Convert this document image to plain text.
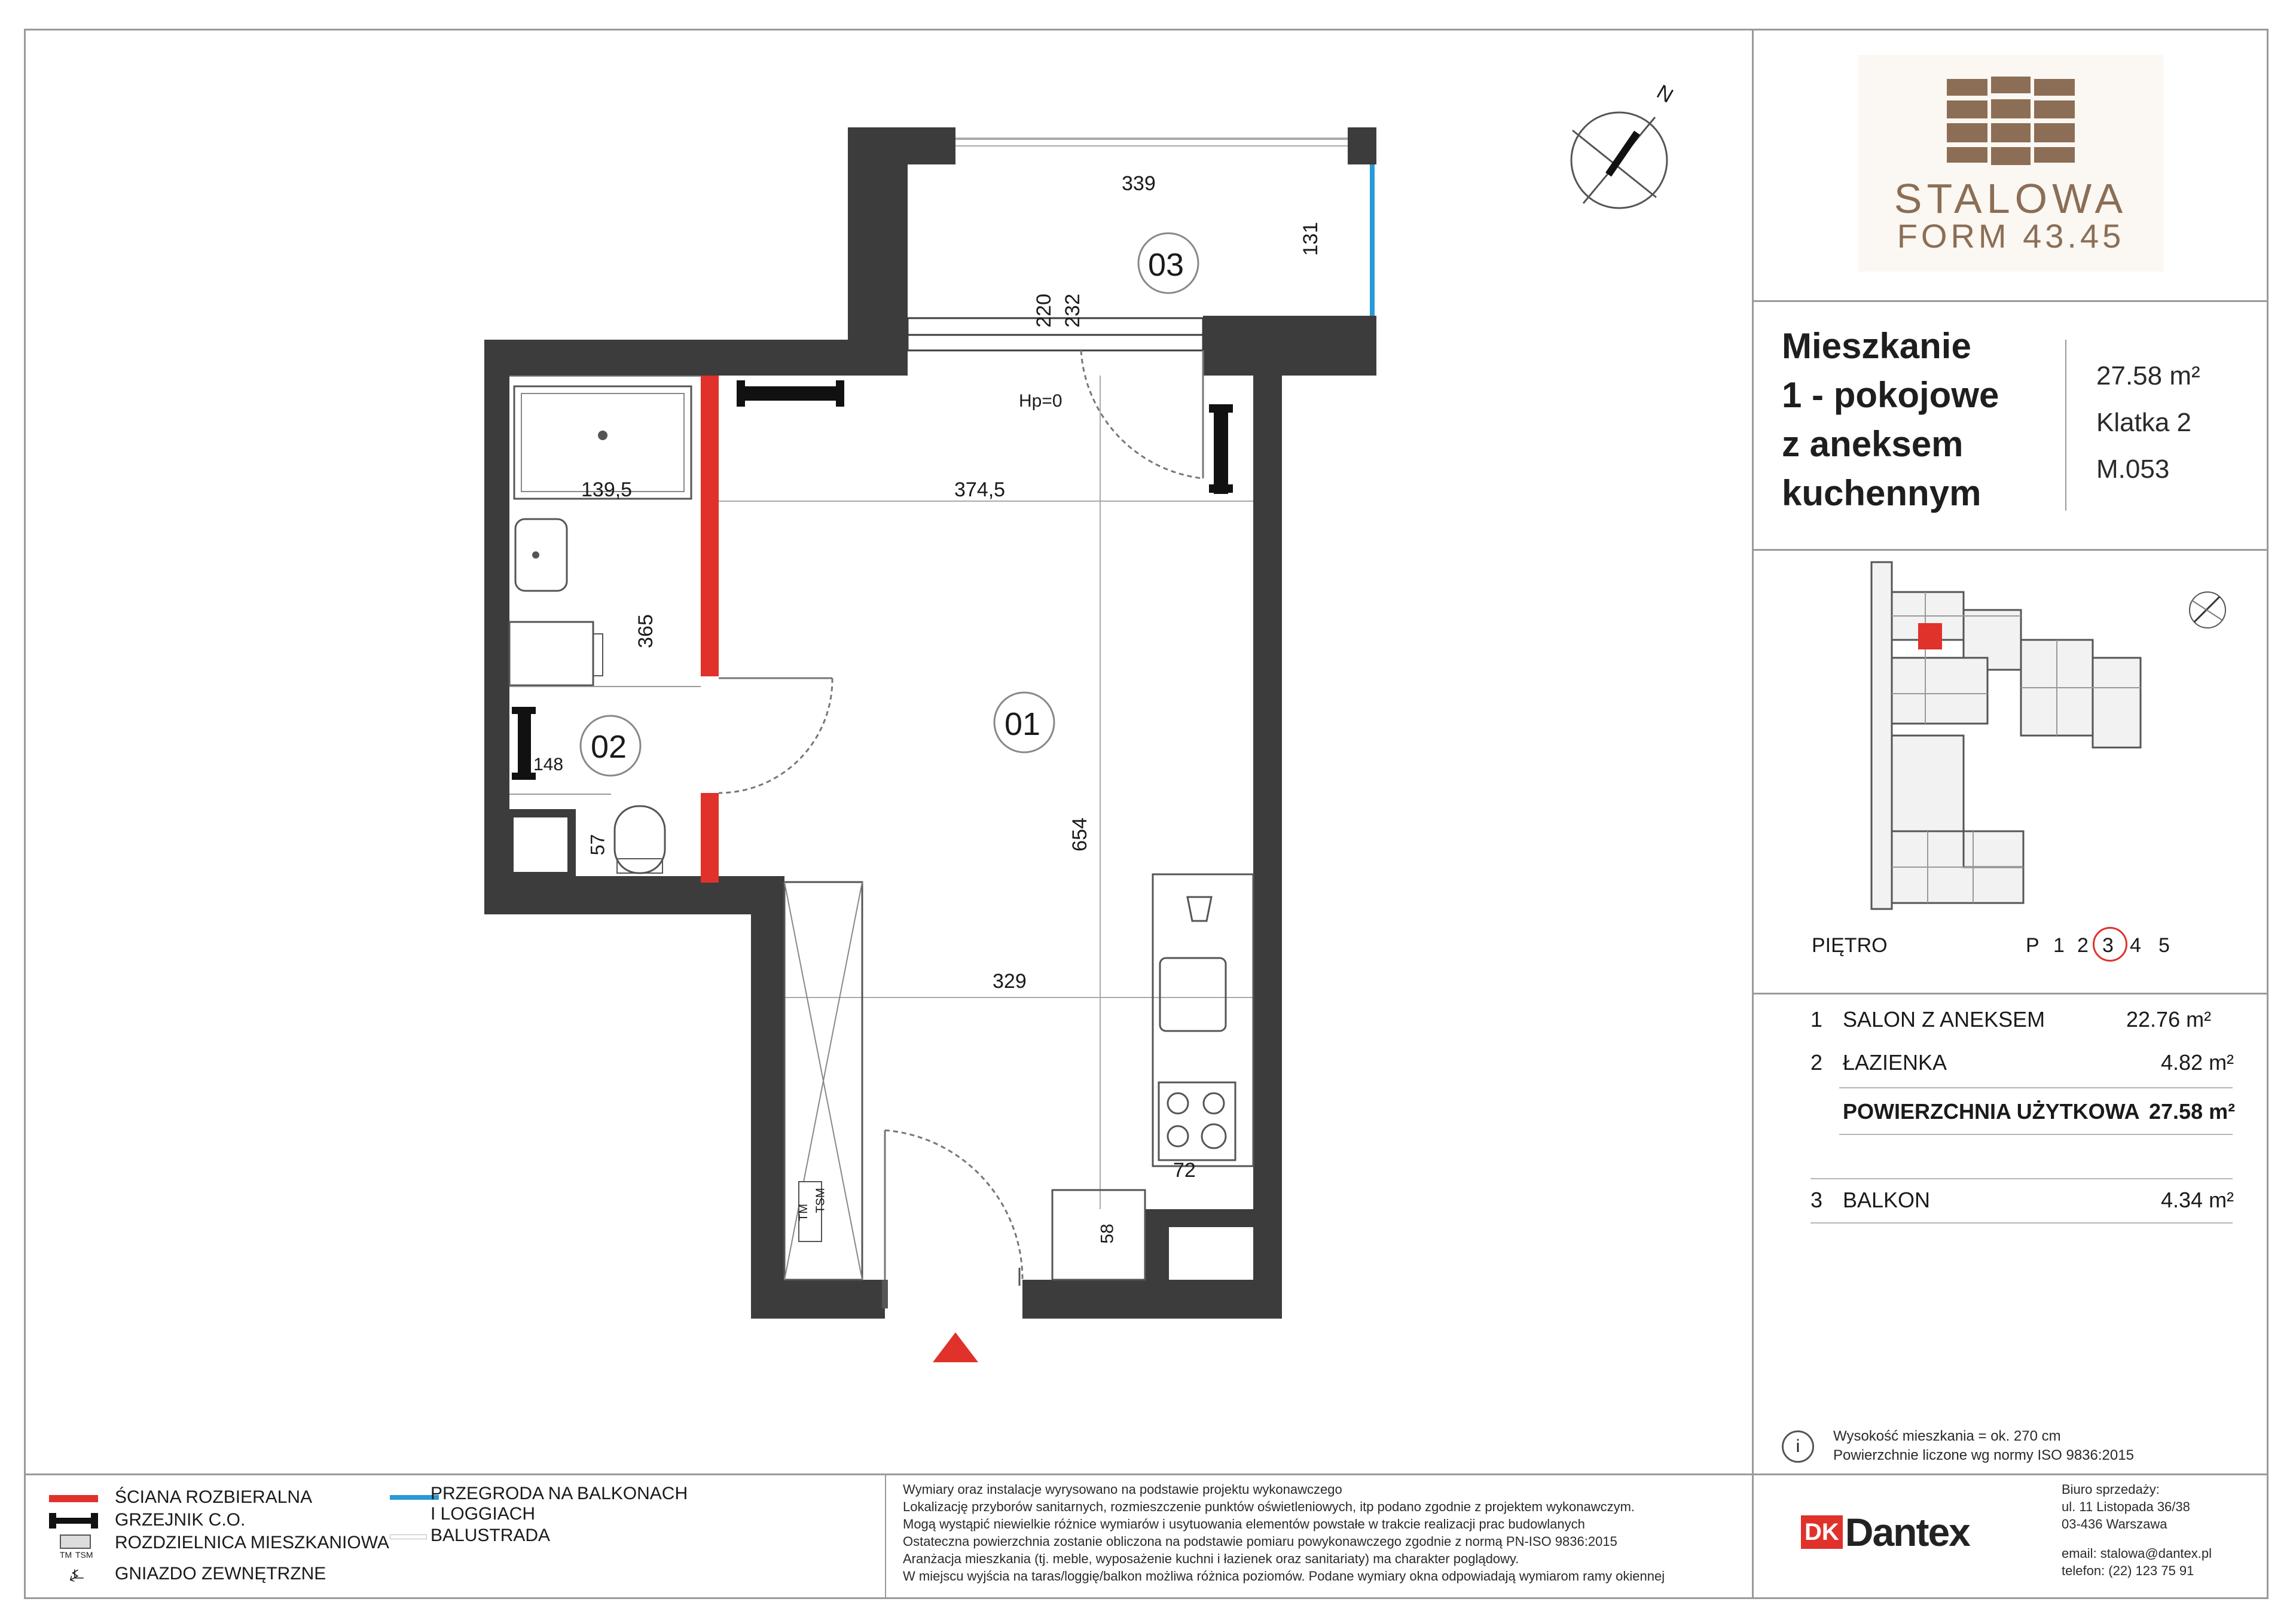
339
131
220 232
03
N
Hp=0
139,5	374,5
365
01
02
148
57	654
329
72
58
TM TSM
STALOWA
FORM 43.45
Mieszkanie
1 - pokojowe
z aneksem
kuchennym
27.58 m²
Klatka 2
M.053
PIĘTRO	P 1 2 3 4 5
1 SALON Z ANEKSEM	22.76 m²
2 ŁAZIENKA	4.82 m²
POWIERZCHNIA UŻYTKOWA 27.58 m²
3 BALKON	4.34 m²
i
Wysokość mieszkania = ok. 270 cm
Powierzchnie liczone wg normy ISO 9836:2015
ŚCIANA ROZBIERALNA
GRZEJNIK C.O.
TM TSM
ROZDZIELNICA MIESZKANIOWA
⍼ GNIAZDO ZEWNĘTRZNE
PRZEGRODA NA BALKONACH
I LOGGIACH
BALUSTRADA
Wymiary oraz instalacje wyrysowano na podstawie projektu wykonawczego
Lokalizację przyborów sanitarnych, rozmieszczenie punktów oświetleniowych, itp podano zgodnie z projektem wykonawczym.
Mogą wystąpić niewielkie różnice wymiarów i usytuowania elementów powstałe w trakcie realizacji prac budowlanych
Ostateczna powierzchnia zostanie obliczona na podstawie pomiaru powykonawczego zgodnie z normą PN-ISO 9836:2015
Aranżacja mieszkania (tj. meble, wyposażenie kuchni i łazienek oraz sanitariaty) ma charakter poglądowy.
W miejscu wyjścia na taras/loggię/balkon możliwa różnica poziomów. Podane wymiary okna odpowiadają wymiarom ramy okiennej
DK Dantex
Biuro sprzedaży:
ul. 11 Listopada 36/38
03-436 Warszawa
email: stalowa@dantex.pl
telefon: (22) 123 75 91
